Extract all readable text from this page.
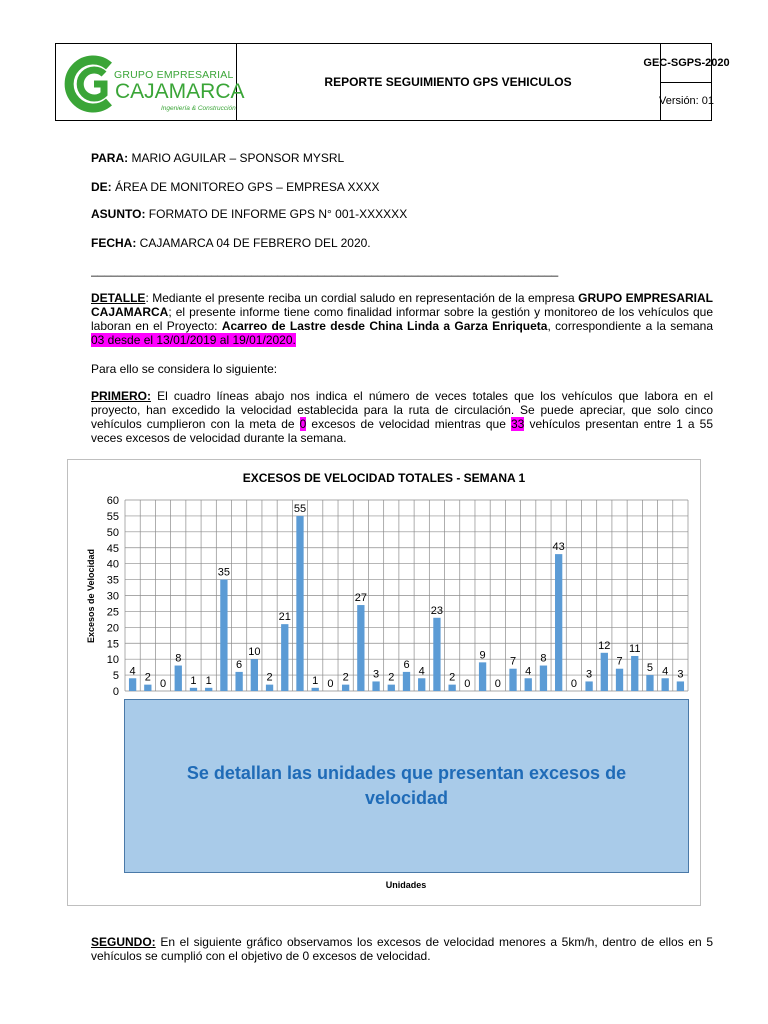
GRUPO EMPRESARIAL
CAJAMARCA
Ingeniería & Construcción
REPORTE SEGUIMIENTO GPS VEHICULOS
GEC-SGPS-2020
Versión: 01
PARA: MARIO AGUILAR – SPONSOR MYSRL
DE: ÁREA DE MONITOREO GPS – EMPRESA XXXX
ASUNTO: FORMATO DE INFORME GPS N° 001-XXXXXX
FECHA: CAJAMARCA 04 DE FEBRERO DEL 2020.
______________________________________________________________________
DETALLE: Mediante el presente reciba un cordial saludo en representación de la empresa GRUPO EMPRESARIAL CAJAMARCA; el presente informe tiene como finalidad informar sobre la gestión y monitoreo de los vehículos que laboran en el Proyecto: Acarreo de Lastre desde China Linda a Garza Enriqueta, correspondiente a la semana 03 desde el 13/01/2019 al 19/01/2020.
Para ello se considera lo siguiente:
PRIMERO: El cuadro líneas abajo nos indica el número de veces totales que los vehículos que labora en el proyecto, han excedido la velocidad establecida para la ruta de circulación. Se puede apreciar, que solo cinco vehículos cumplieron con la meta de 0 excesos de velocidad mientras que 33 vehículos presentan entre 1 a 55 veces excesos de velocidad durante la semana.
EXCESOS DE VELOCIDAD TOTALES - SEMANA 1
Unidades
Excesos de Velocidad
0
5
10
15
20
25
30
35
40
45
50
55
60
4
2
0
8
1 1
35
6
10
2
21
55
1 0
2
27
3 2
6
4
23
2
0
9
0
7
4
8
43
0
3
12
7
11
5 4 3
Se detallan las unidades que presentan excesos de velocidad
SEGUNDO: En el siguiente gráfico observamos los excesos de velocidad menores a 5km/h, dentro de ellos en 5 vehículos se cumplió con el objetivo de 0 excesos de velocidad.
